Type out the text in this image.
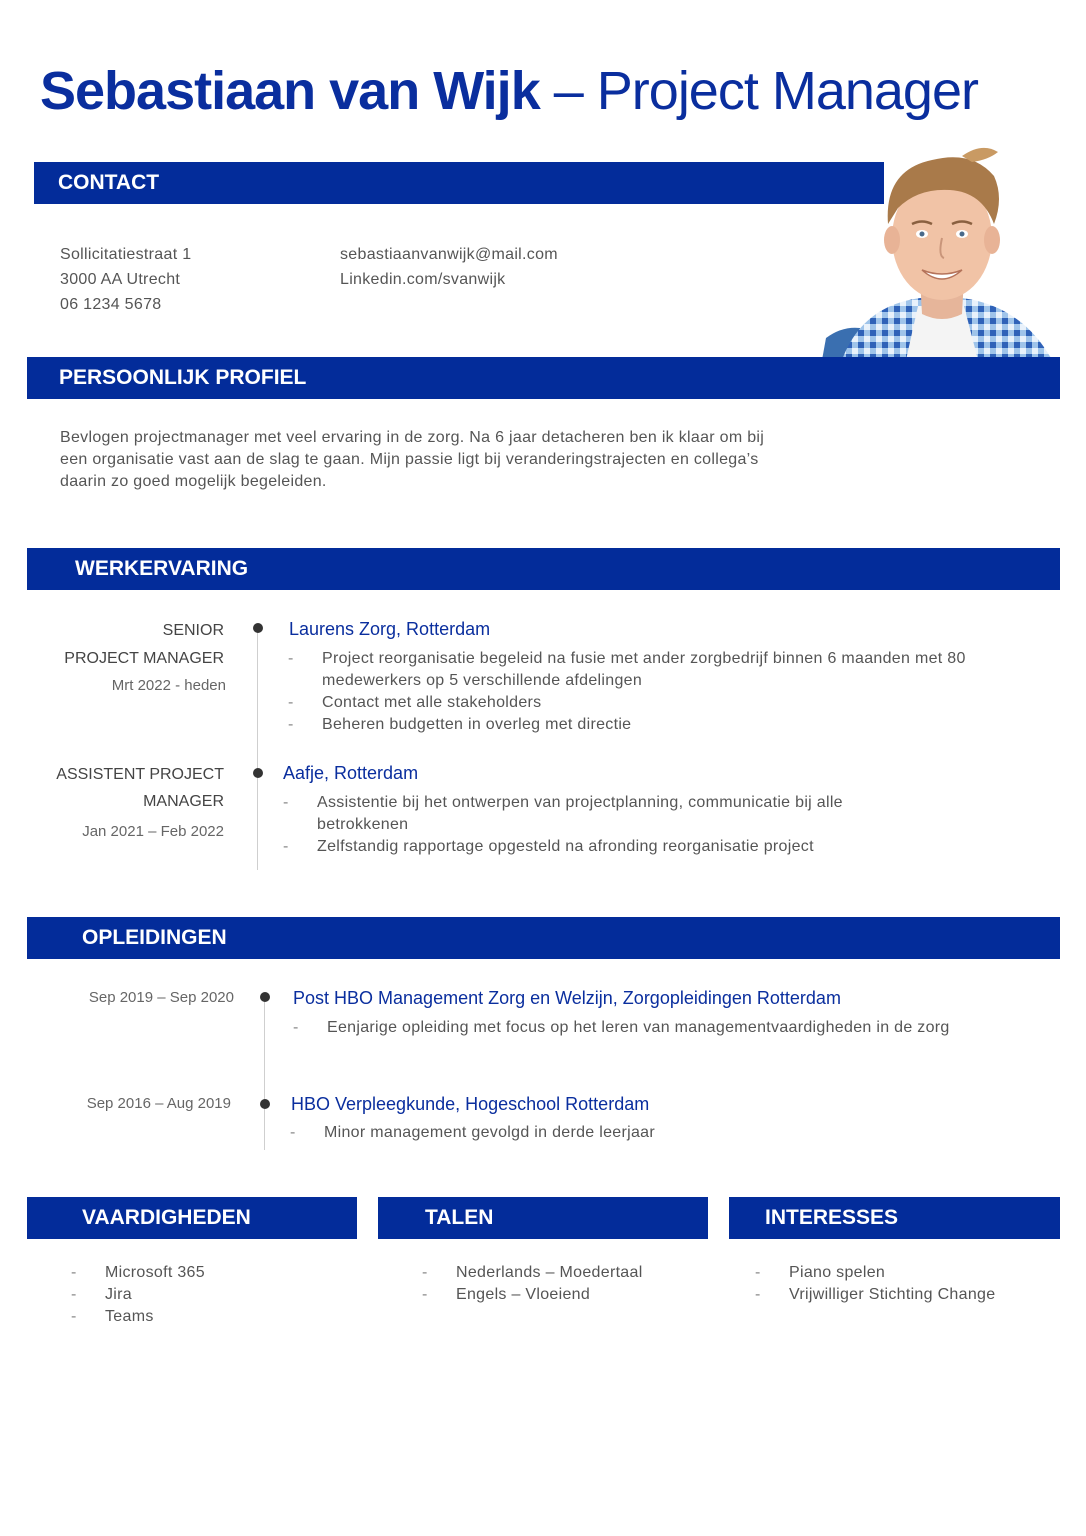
Sebastiaan van Wijk – Project Manager
CONTACT
Sollicitatiestraat 1
3000 AA Utrecht
06 1234 5678
sebastiaanvanwijk@mail.com
Linkedin.com/svanwijk
PERSOONLIJK PROFIEL
Bevlogen projectmanager met veel ervaring in de zorg. Na 6 jaar detacheren ben ik klaar om bij
een organisatie vast aan de slag te gaan. Mijn passie ligt bij veranderingstrajecten en collega’s
daarin zo goed mogelijk begeleiden.
WERKERVARING
SENIOR
PROJECT MANAGER
Mrt 2022 - heden
Laurens Zorg, Rotterdam
- Project reorganisatie begeleid na fusie met ander zorgbedrijf binnen 6 maanden met 80 medewerkers op 5 verschillende afdelingen
- Contact met alle stakeholders
- Beheren budgetten in overleg met directie
ASSISTENT PROJECT
MANAGER
Jan 2021 – Feb 2022
Aafje, Rotterdam
- Assistentie bij het ontwerpen van projectplanning, communicatie bij alle betrokkenen
- Zelfstandig rapportage opgesteld na afronding reorganisatie project
OPLEIDINGEN
Sep 2019 – Sep 2020	Post HBO Management Zorg en Welzijn, Zorgopleidingen Rotterdam
- Eenjarige opleiding met focus op het leren van managementvaardigheden in de zorg
Sep 2016 – Aug 2019	HBO Verpleegkunde, Hogeschool Rotterdam
- Minor management gevolgd in derde leerjaar
VAARDIGHEDEN
- Microsoft 365
- Jira
- Teams
TALEN
- Nederlands – Moedertaal
- Engels – Vloeiend
INTERESSES
- Piano spelen
- Vrijwilliger Stichting Change
